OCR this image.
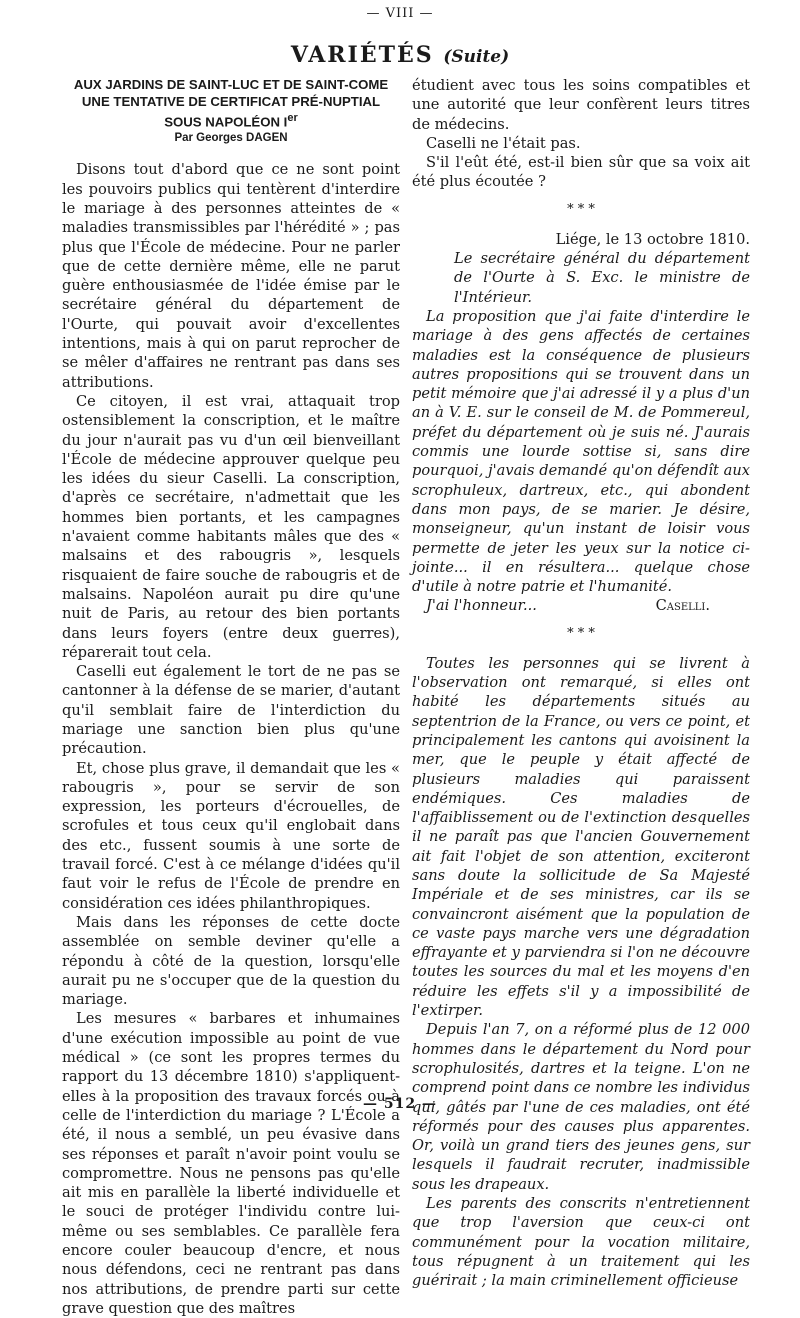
— VIII —
VARIÉTÉS (Suite)
AUX JARDINS DE SAINT-LUC ET DE SAINT-COME
UNE TENTATIVE DE CERTIFICAT PRÉ-NUPTIAL
SOUS NAPOLÉON Ier
Par Georges DAGEN

Disons tout d'abord que ce ne sont point les pouvoirs publics qui tentèrent d'interdire le mariage à des personnes atteintes de « maladies transmissibles par l'hérédité » ; pas plus que l'École de médecine. Pour ne parler que de cette dernière même, elle ne parut guère enthousiasmée de l'idée émise par le secrétaire général du département de l'Ourte, qui pouvait avoir d'excellentes intentions, mais à qui on parut reprocher de se mêler d'affaires ne rentrant pas dans ses attributions.

Ce citoyen, il est vrai, attaquait trop ostensiblement la conscription, et le maître du jour n'aurait pas vu d'un œil bienveillant l'École de médecine approuver quelque peu les idées du sieur Caselli. La conscription, d'après ce secrétaire, n'admettait que les hommes bien portants, et les campagnes n'avaient comme habitants mâles que des « malsains et des rabougris », lesquels risquaient de faire souche de rabougris et de malsains. Napoléon aurait pu dire qu'une nuit de Paris, au retour des bien portants dans leurs foyers (entre deux guerres), réparerait tout cela.

Caselli eut également le tort de ne pas se cantonner à la défense de se marier, d'autant qu'il semblait faire de l'interdiction du mariage une sanction bien plus qu'une précaution.

Et, chose plus grave, il demandait que les « rabougris », pour se servir de son expression, les porteurs d'écrouelles, de scrofules et tous ceux qu'il englobait dans des etc., fussent soumis à une sorte de travail forcé. C'est à ce mélange d'idées qu'il faut voir le refus de l'École de prendre en considération ces idées philanthropiques.

Mais dans les réponses de cette docte assemblée on semble deviner qu'elle a répondu à côté de la question, lorsqu'elle aurait pu ne s'occuper que de la question du mariage.

Les mesures « barbares et inhumaines d'une exécution impossible au point de vue médical » (ce sont les propres termes du rapport du 13 décembre 1810) s'appliquent-elles à la proposition des travaux forcés ou à celle de l'interdiction du mariage ? L'École a été, il nous a semblé, un peu évasive dans ses réponses et paraît n'avoir point voulu se compromettre. Nous ne pensons pas qu'elle ait mis en parallèle la liberté individuelle et le souci de protéger l'individu contre lui-même ou ses semblables. Ce parallèle fera encore couler beaucoup d'encre, et nous nous défendons, ceci ne rentrant pas dans nos attributions, de prendre parti sur cette grave question que des maîtres

étudient avec tous les soins compatibles et une autorité que leur confèrent leurs titres de médecins.

Caselli ne l'était pas.

S'il l'eût été, est-il bien sûr que sa voix ait été plus écoutée ?

* * *
Liége, le 13 octobre 1810.

Le secrétaire général du département de l'Ourte à S. Exc. le ministre de l'Intérieur.

La proposition que j'ai faite d'interdire le mariage à des gens affectés de certaines maladies est la conséquence de plusieurs autres propositions qui se trouvent dans un petit mémoire que j'ai adressé il y a plus d'un an à V. E. sur le conseil de M. de Pommereul, préfet du département où je suis né. J'aurais commis une lourde sottise si, sans dire pourquoi, j'avais demandé qu'on défendît aux scrophuleux, dartreux, etc., qui abondent dans mon pays, de se marier. Je désire, monseigneur, qu'un instant de loisir vous permette de jeter les yeux sur la notice ci-jointe... il en résultera... quelque chose d'utile à notre patrie et l'humanité.

J'ai l'honneur...	Caselli.
* * *

Toutes les personnes qui se livrent à l'observation ont remarqué, si elles ont habité les départements situés au septentrion de la France, ou vers ce point, et principalement les cantons qui avoisinent la mer, que le peuple y était affecté de plusieurs maladies qui paraissent endémiques. Ces maladies de l'affaiblissement ou de l'extinction desquelles il ne paraît pas que l'ancien Gouvernement ait fait l'objet de son attention, exciteront sans doute la sollicitude de Sa Majesté Impériale et de ses ministres, car ils se convaincront aisément que la population de ce vaste pays marche vers une dégradation effrayante et y parviendra si l'on ne découvre toutes les sources du mal et les moyens d'en réduire les effets s'il y a impossibilité de l'extirper.

Depuis l'an 7, on a réformé plus de 12 000 hommes dans le département du Nord pour scrophulosités, dartres et la teigne. L'on ne comprend point dans ce nombre les individus qui, gâtés par l'une de ces maladies, ont été réformés pour des causes plus apparentes. Or, voilà un grand tiers des jeunes gens, sur lesquels il faudrait recruter, inadmissible sous les drapeaux.

Les parents des conscrits n'entretiennent que trop l'aversion que ceux-ci ont communément pour la vocation militaire, tous répugnent à un traitement qui les guérirait ; la main criminellement officieuse

— 512 —
